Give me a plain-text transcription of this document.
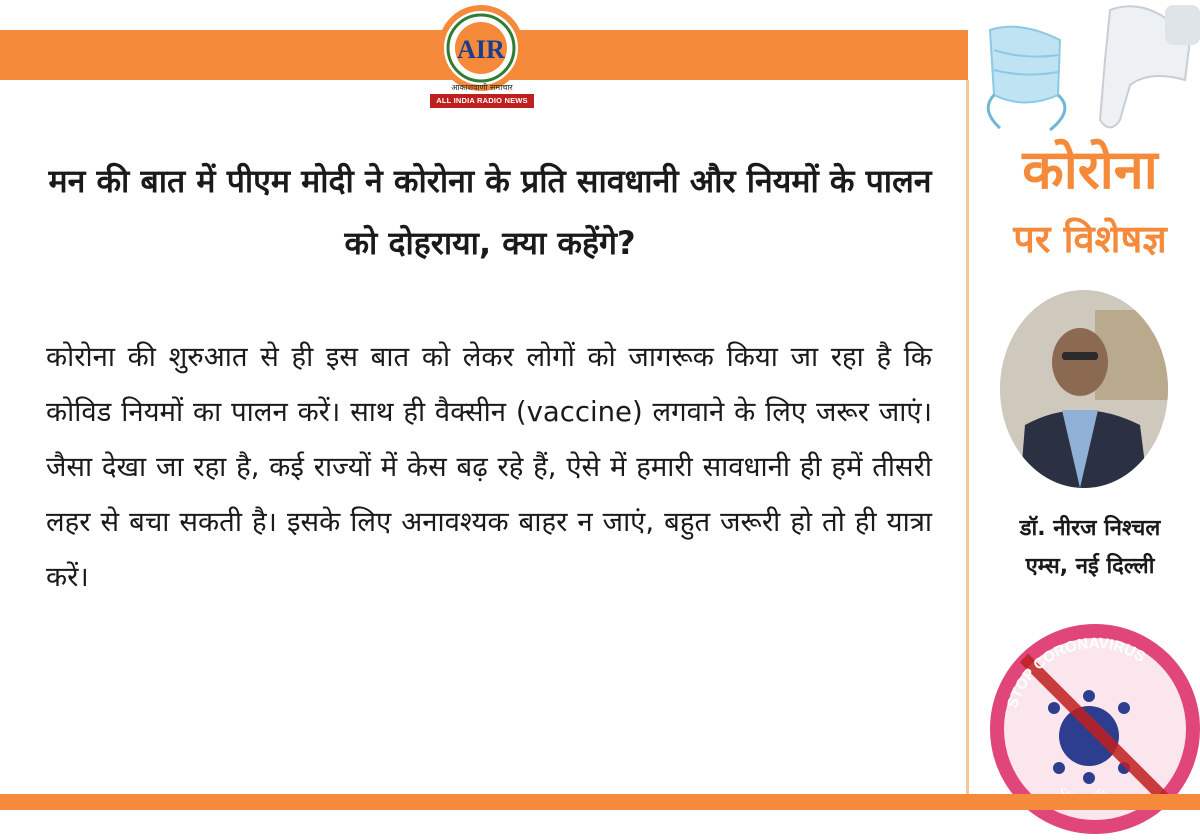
AIR
आकाशवाणी समाचार
ALL INDIA RADIO NEWS
मन की बात में पीएम मोदी ने कोरोना के प्रति सावधानी और नियमों के पालन को दोहराया, क्या कहेंगे?
कोरोना की शुरुआत से ही इस बात को लेकर लोगों को जागरूक किया जा रहा है कि कोविड नियमों का पालन करें। साथ ही वैक्सीन (vaccine) लगवाने के लिए जरूर जाएं। जैसा देखा जा रहा है, कई राज्यों में केस बढ़ रहे हैं, ऐसे में हमारी सावधानी ही हमें तीसरी लहर से बचा सकती है। इसके लिए अनावश्यक बाहर न जाएं, बहुत जरूरी हो तो ही यात्रा करें।
कोरोना
पर विशेषज्ञ
डॉ. नीरज निश्चल
एम्स, नई दिल्ली
STOP CORONAVIRUS
